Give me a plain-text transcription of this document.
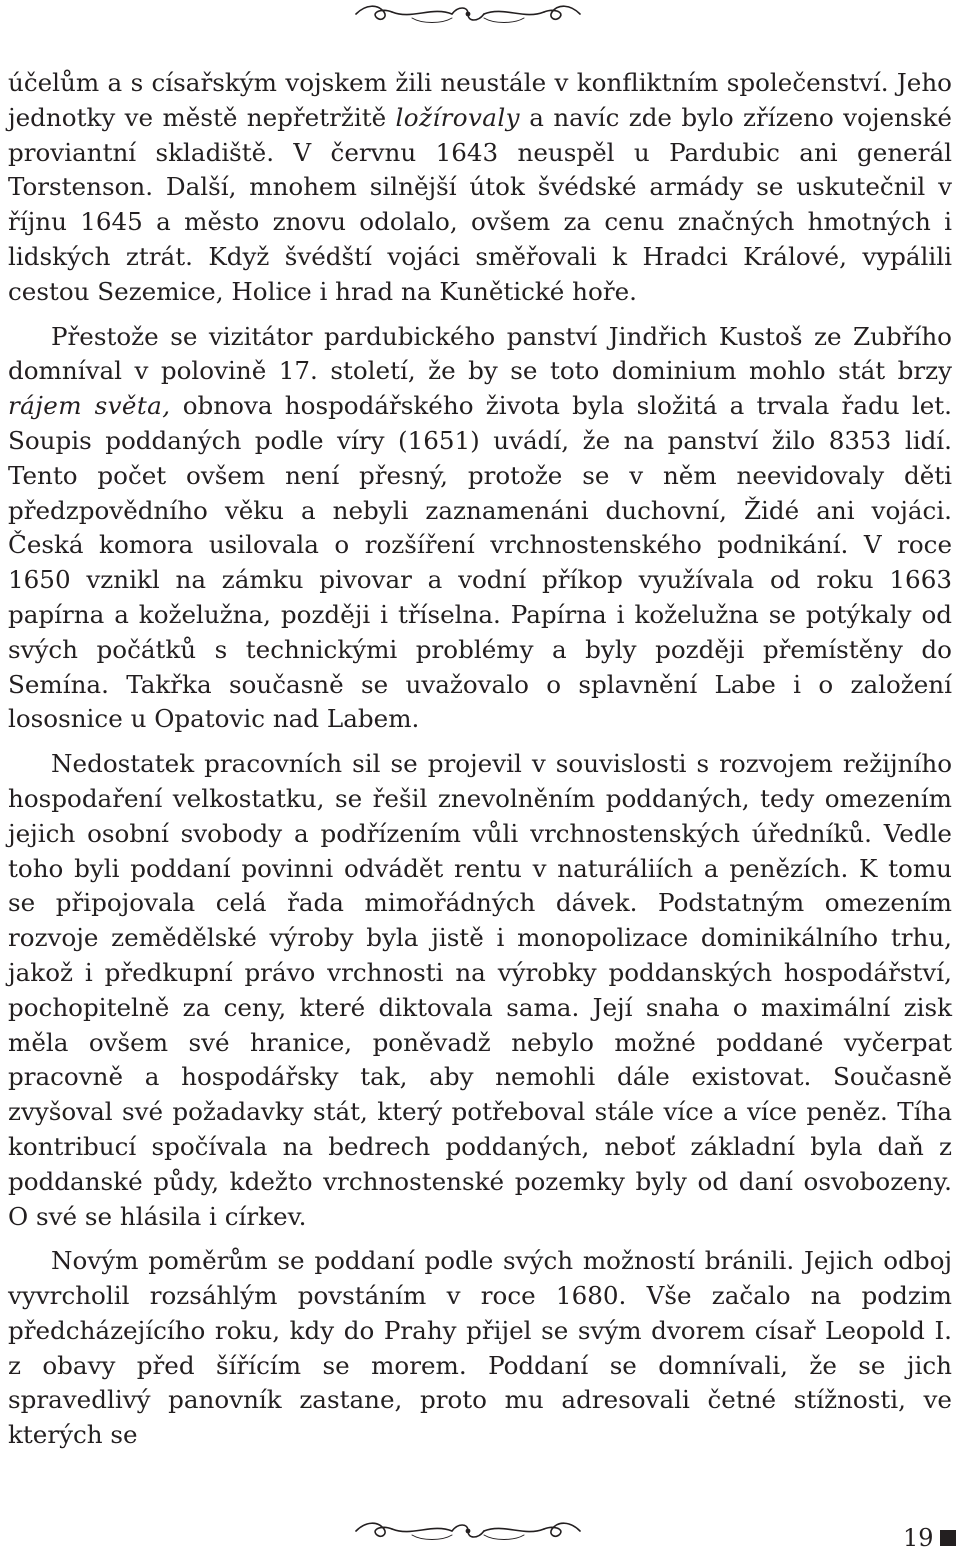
účelům a s císařským vojskem žili neustále v konfliktním společenství. Jeho jednotky ve městě nepřetržitě ložírovaly a navíc zde bylo zřízeno vojenské proviantní skladiště. V červnu 1643 neuspěl u Pardubic ani generál Torstenson. Další, mnohem silnější útok švédské armády se uskutečnil v říjnu 1645 a město znovu odolalo, ovšem za cenu značných hmotných i lidských ztrát. Když švédští vojáci směřovali k Hradci Králové, vypálili cestou Sezemice, Holice i hrad na Kunětické hoře.

Přestože se vizitátor pardubického panství Jindřich Kustoš ze Zubřího domníval v polovině 17. století, že by se toto dominium mohlo stát brzy rájem světa, obnova hospodářského života byla složitá a trvala řadu let. Soupis poddaných podle víry (1651) uvádí, že na panství žilo 8353 lidí. Tento počet ovšem není přesný, protože se v něm neevidovaly děti předzpovědního věku a nebyli zaznamenáni duchovní, Židé ani vojáci. Česká komora usilovala o rozšíření vrchnostenského podnikání. V roce 1650 vznikl na zámku pivovar a vodní příkop využívala od roku 1663 papírna a koželužna, později i tříselna. Papírna i koželužna se potýkaly od svých počátků s technickými problémy a byly později přemístěny do Semína. Takřka současně se uvažovalo o splavnění Labe i o založení lososnice u Opatovic nad Labem.

Nedostatek pracovních sil se projevil v souvislosti s rozvojem režijního hospodaření velkostatku, se řešil znevolněním poddaných, tedy omezením jejich osobní svobody a podřízením vůli vrchnostenských úředníků. Vedle toho byli poddaní povinni odvádět rentu v naturáliích a penězích. K tomu se připojovala celá řada mimořádných dávek. Podstatným omezením rozvoje zemědělské výroby byla jistě i monopolizace dominikálního trhu, jakož i předkupní právo vrchnosti na výrobky poddanských hospodářství, pochopitelně za ceny, které diktovala sama. Její snaha o maximální zisk měla ovšem své hranice, poněvadž nebylo možné poddané vyčerpat pracovně a hospodářsky tak, aby nemohli dále existovat. Současně zvyšoval své požadavky stát, který potřeboval stále více a více peněz. Tíha kontribucí spočívala na bedrech poddaných, neboť základní byla daň z poddanské půdy, kdežto vrchnostenské pozemky byly od daní osvobozeny. O své se hlásila i církev.

Novým poměrům se poddaní podle svých možností bránili. Jejich odboj vyvrcholil rozsáhlým povstáním v roce 1680. Vše začalo na podzim předcházejícího roku, kdy do Prahy přijel se svým dvorem císař Leopold I. z obavy před šířícím se morem. Poddaní se domnívali, že se jich spravedlivý panovník zastane, proto mu adresovali četné stížnosti, ve kterých se

19
